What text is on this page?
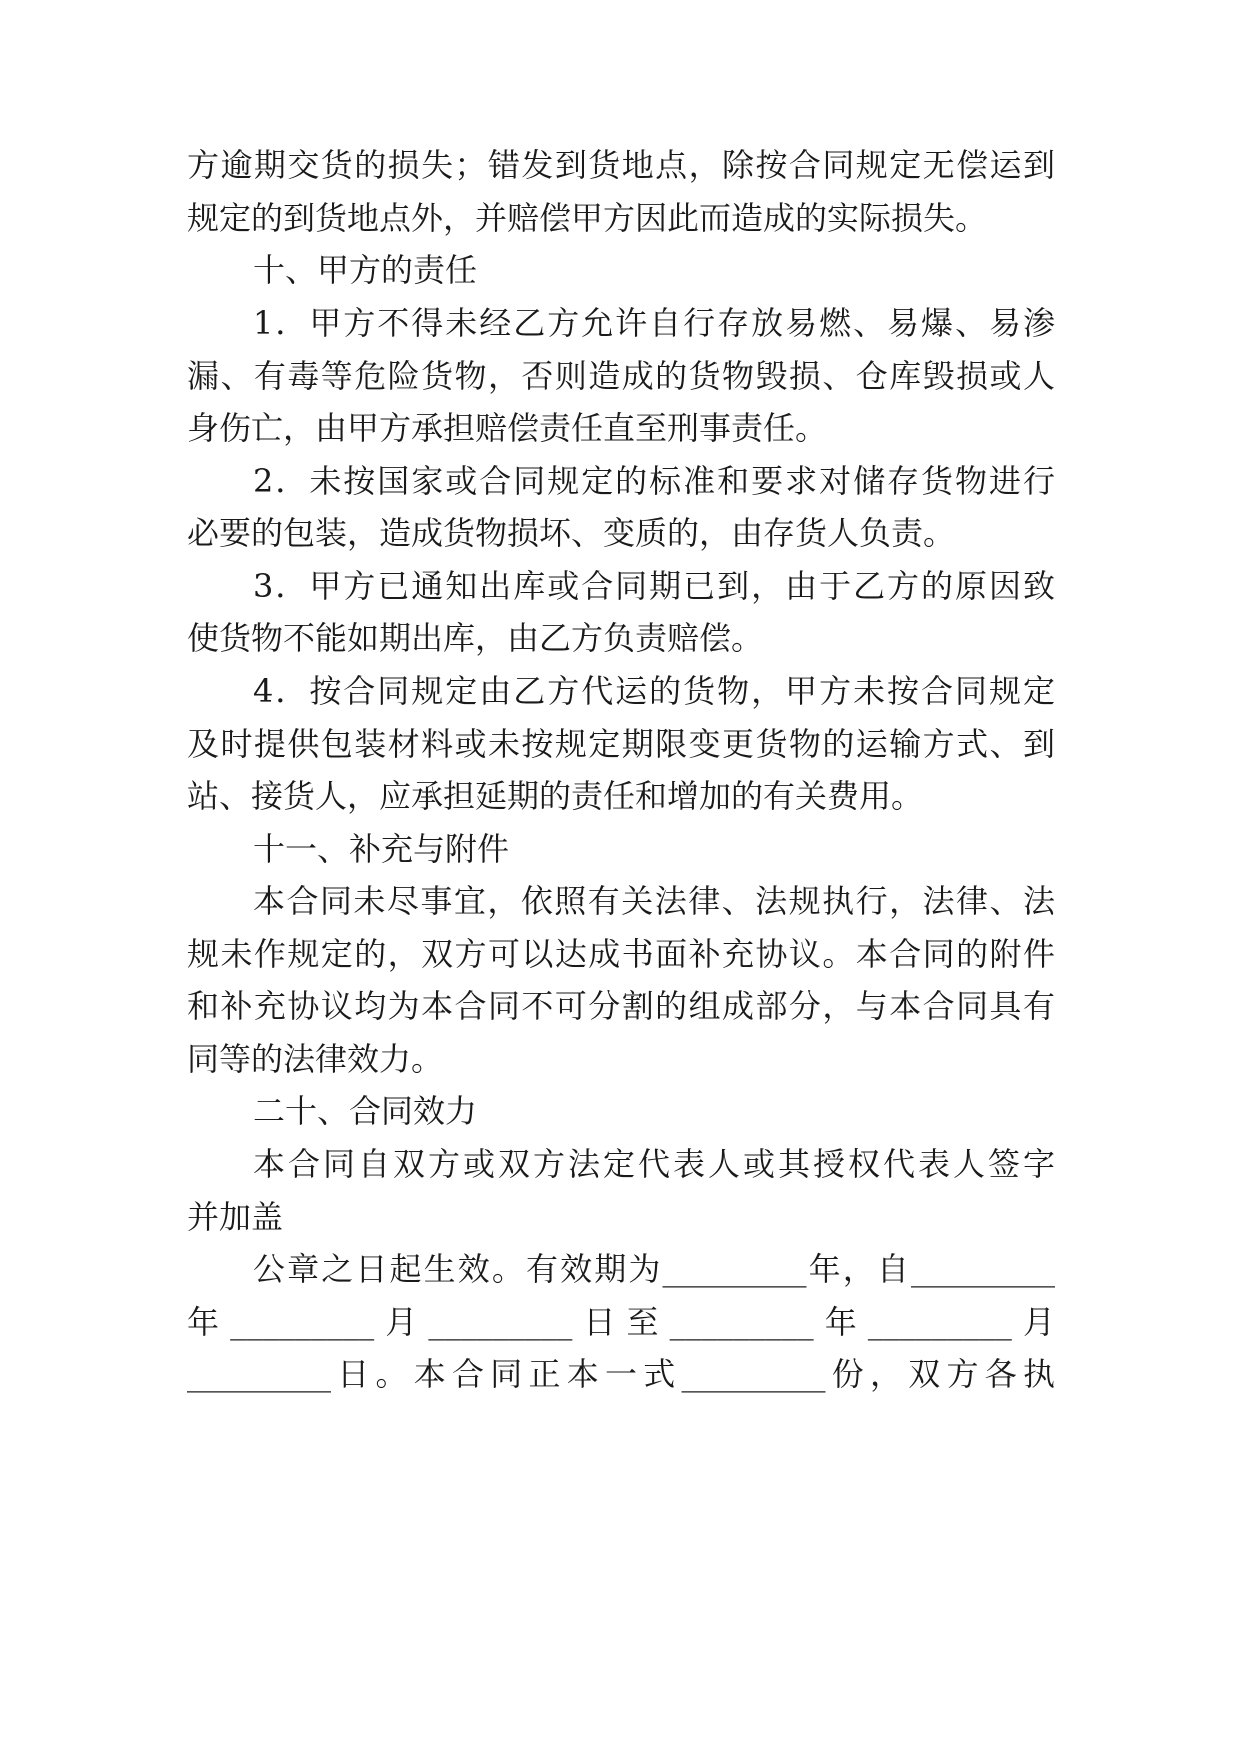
方逾期交货的损失；错发到货地点，除按合同规定无偿运到
规定的到货地点外，并赔偿甲方因此而造成的实际损失。
十、甲方的责任
1．甲方不得未经乙方允许自行存放易燃、易爆、易渗
漏、有毒等危险货物，否则造成的货物毁损、仓库毁损或人
身伤亡，由甲方承担赔偿责任直至刑事责任。
2．未按国家或合同规定的标准和要求对储存货物进行
必要的包装，造成货物损坏、变质的，由存货人负责。
3．甲方已通知出库或合同期已到，由于乙方的原因致
使货物不能如期出库，由乙方负责赔偿。
4．按合同规定由乙方代运的货物，甲方未按合同规定
及时提供包装材料或未按规定期限变更货物的运输方式、到
站、接货人，应承担延期的责任和增加的有关费用。
十一、补充与附件
本合同未尽事宜，依照有关法律、法规执行，法律、法
规未作规定的，双方可以达成书面补充协议。本合同的附件
和补充协议均为本合同不可分割的组成部分，与本合同具有
同等的法律效力。
二十、合同效力
本合同自双方或双方法定代表人或其授权代表人签字
并加盖
公章之日起生效。有效期为_________年，自_________
年_________月_________日至_________年_________月
_________日。本合同正本一式_________份，双方各执
